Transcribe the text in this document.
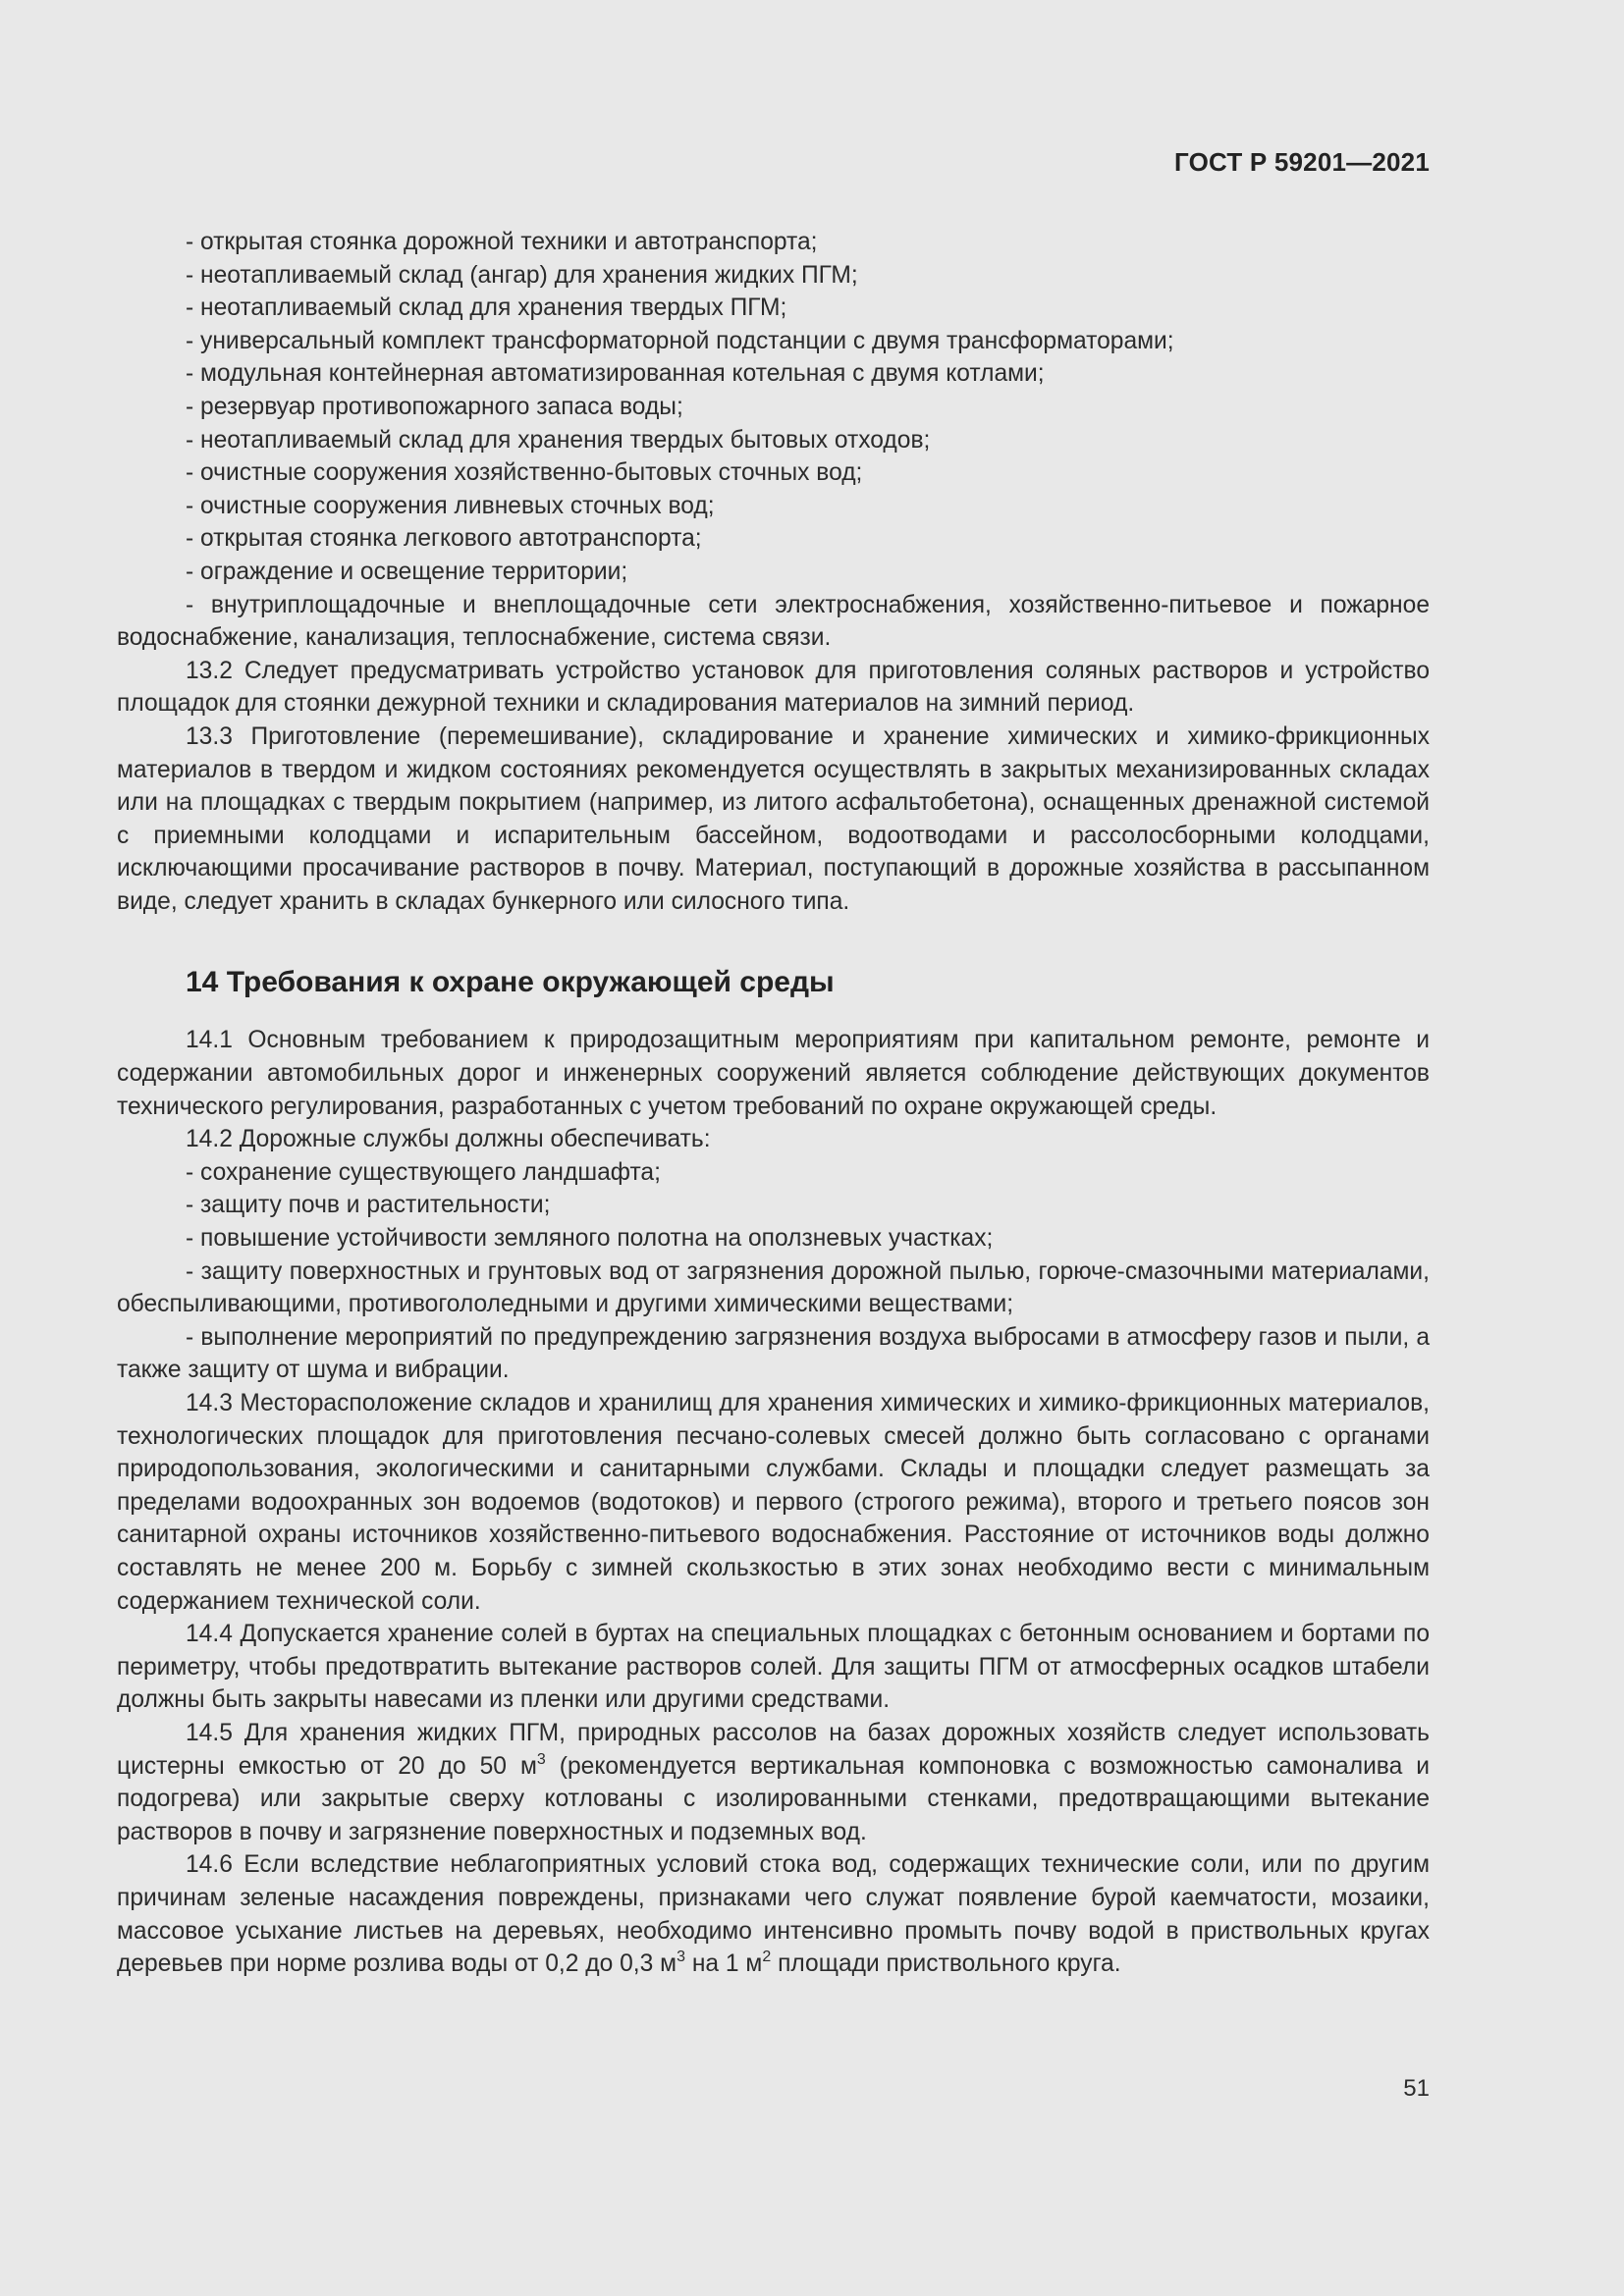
ГОСТ Р 59201—2021

- открытая стоянка дорожной техники и автотранспорта;

- неотапливаемый склад (ангар) для хранения жидких ПГМ;

- неотапливаемый склад для хранения твердых ПГМ;

- универсальный комплект трансформаторной подстанции с двумя трансформаторами;

- модульная контейнерная автоматизированная котельная с двумя котлами;

- резервуар противопожарного запаса воды;

- неотапливаемый склад для хранения твердых бытовых отходов;

- очистные сооружения хозяйственно-бытовых сточных вод;

- очистные сооружения ливневых сточных вод;

- открытая стоянка легкового автотранспорта;

- ограждение и освещение территории;

- внутриплощадочные и внеплощадочные сети электроснабжения, хозяйственно-питьевое и пожарное водоснабжение, канализация, теплоснабжение, система связи.

13.2 Следует предусматривать устройство установок для приготовления соляных растворов и устройство площадок для стоянки дежурной техники и складирования материалов на зимний период.

13.3 Приготовление (перемешивание), складирование и хранение химических и химико-фрикционных материалов в твердом и жидком состояниях рекомендуется осуществлять в закрытых механизированных складах или на площадках с твердым покрытием (например, из литого асфальтобетона), оснащенных дренажной системой с приемными колодцами и испарительным бассейном, водоотводами и рассолосборными колодцами, исключающими просачивание растворов в почву. Материал, поступающий в дорожные хозяйства в рассыпанном виде, следует хранить в складах бункерного или силосного типа.

14 Требования к охране окружающей среды

14.1 Основным требованием к природозащитным мероприятиям при капитальном ремонте, ремонте и содержании автомобильных дорог и инженерных сооружений является соблюдение действующих документов технического регулирования, разработанных с учетом требований по охране окружающей среды.

14.2 Дорожные службы должны обеспечивать:

- сохранение существующего ландшафта;

- защиту почв и растительности;

- повышение устойчивости земляного полотна на оползневых участках;

- защиту поверхностных и грунтовых вод от загрязнения дорожной пылью, горюче-смазочными материалами, обеспыливающими, противогололедными и другими химическими веществами;

- выполнение мероприятий по предупреждению загрязнения воздуха выбросами в атмосферу газов и пыли, а также защиту от шума и вибрации.

14.3 Месторасположение складов и хранилищ для хранения химических и химико-фрикционных материалов, технологических площадок для приготовления песчано-солевых смесей должно быть согласовано с органами природопользования, экологическими и санитарными службами. Склады и площадки следует размещать за пределами водоохранных зон водоемов (водотоков) и первого (строгого режима), второго и третьего поясов зон санитарной охраны источников хозяйственно-питьевого водоснабжения. Расстояние от источников воды должно составлять не менее 200 м. Борьбу с зимней скользкостью в этих зонах необходимо вести с минимальным содержанием технической соли.

14.4 Допускается хранение солей в буртах на специальных площадках с бетонным основанием и бортами по периметру, чтобы предотвратить вытекание растворов солей. Для защиты ПГМ от атмосферных осадков штабели должны быть закрыты навесами из пленки или другими средствами.

14.5 Для хранения жидких ПГМ, природных рассолов на базах дорожных хозяйств следует использовать цистерны емкостью от 20 до 50 $м^3$ (рекомендуется вертикальная компоновка с возможностью самоналива и подогрева) или закрытые сверху котлованы с изолированными стенками, предотвращающими вытекание растворов в почву и загрязнение поверхностных и подземных вод.

14.6 Если вследствие неблагоприятных условий стока вод, содержащих технические соли, или по другим причинам зеленые насаждения повреждены, признаками чего служат появление бурой каемчатости, мозаики, массовое усыхание листьев на деревьях, необходимо интенсивно промыть почву водой в приствольных кругах деревьев при норме розлива воды от 0,2 до 0,3 $м^3$ на 1 $м^2$ площади приствольного круга.

51
